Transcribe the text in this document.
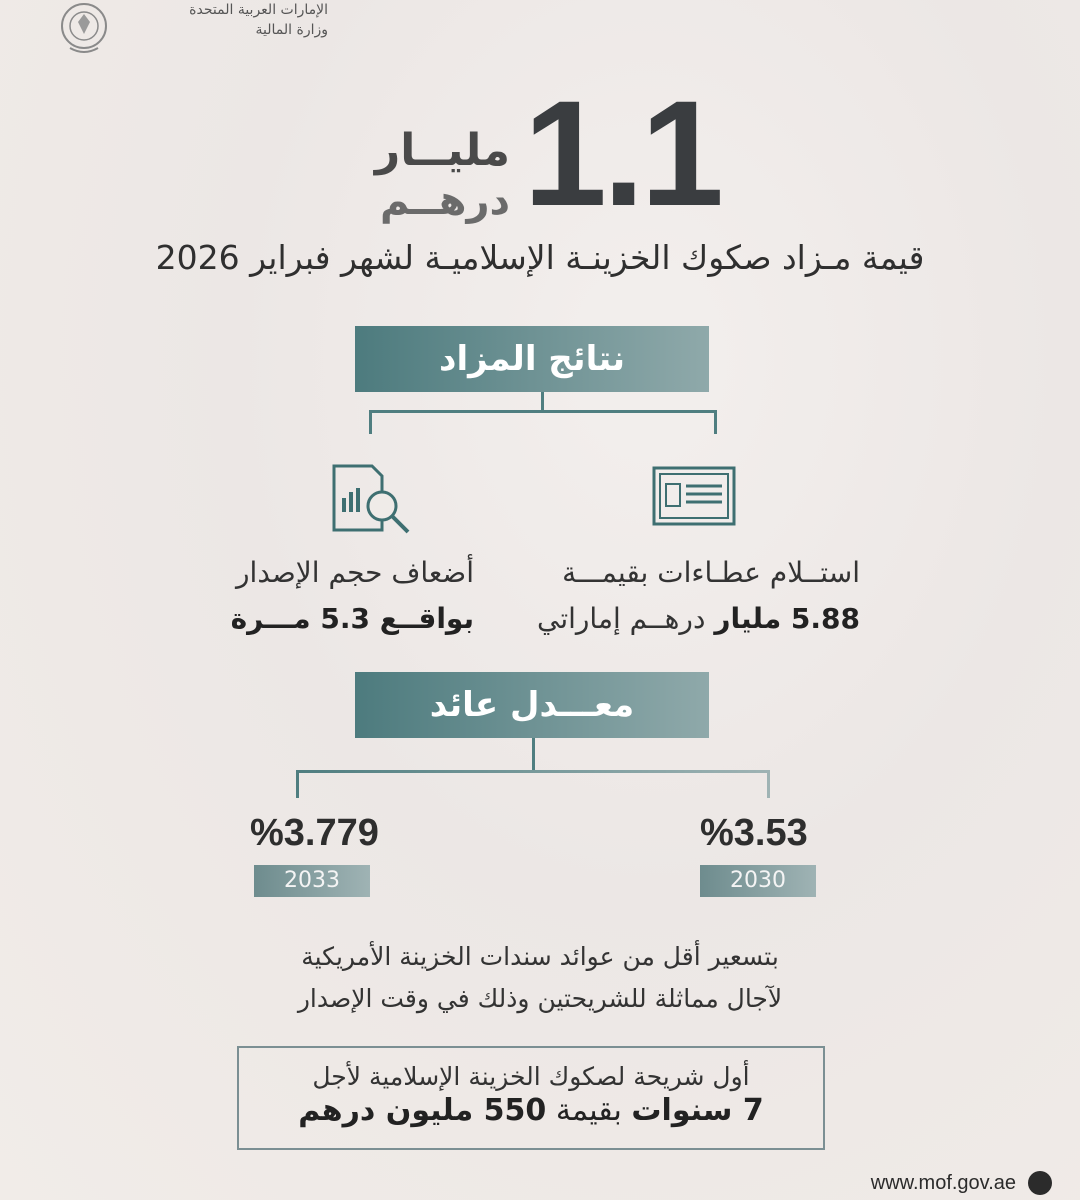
الإمارات العربية المتحدة
وزارة المالية
1.1
مليــار
درهــم
قيمة مـزاد صكوك الخزينـة الإسلاميـة لشهر فبراير 2026
نتائج المزاد
استــلام عطـاءات بقيمـــة
5.88 مليار درهــم إماراتي
أضعاف حجم الإصدار
بواقــع 5.3 مـــرة
معـــدل عائد
%3.779
2033
%3.53
2030
بتسعير أقل من عوائد سندات الخزينة الأمريكية
لآجال مماثلة للشريحتين وذلك في وقت الإصدار
أول شريحة لصكوك الخزينة الإسلامية لأجل
7 سنوات بقيمة 550 مليون درهم
www.mof.gov.ae
